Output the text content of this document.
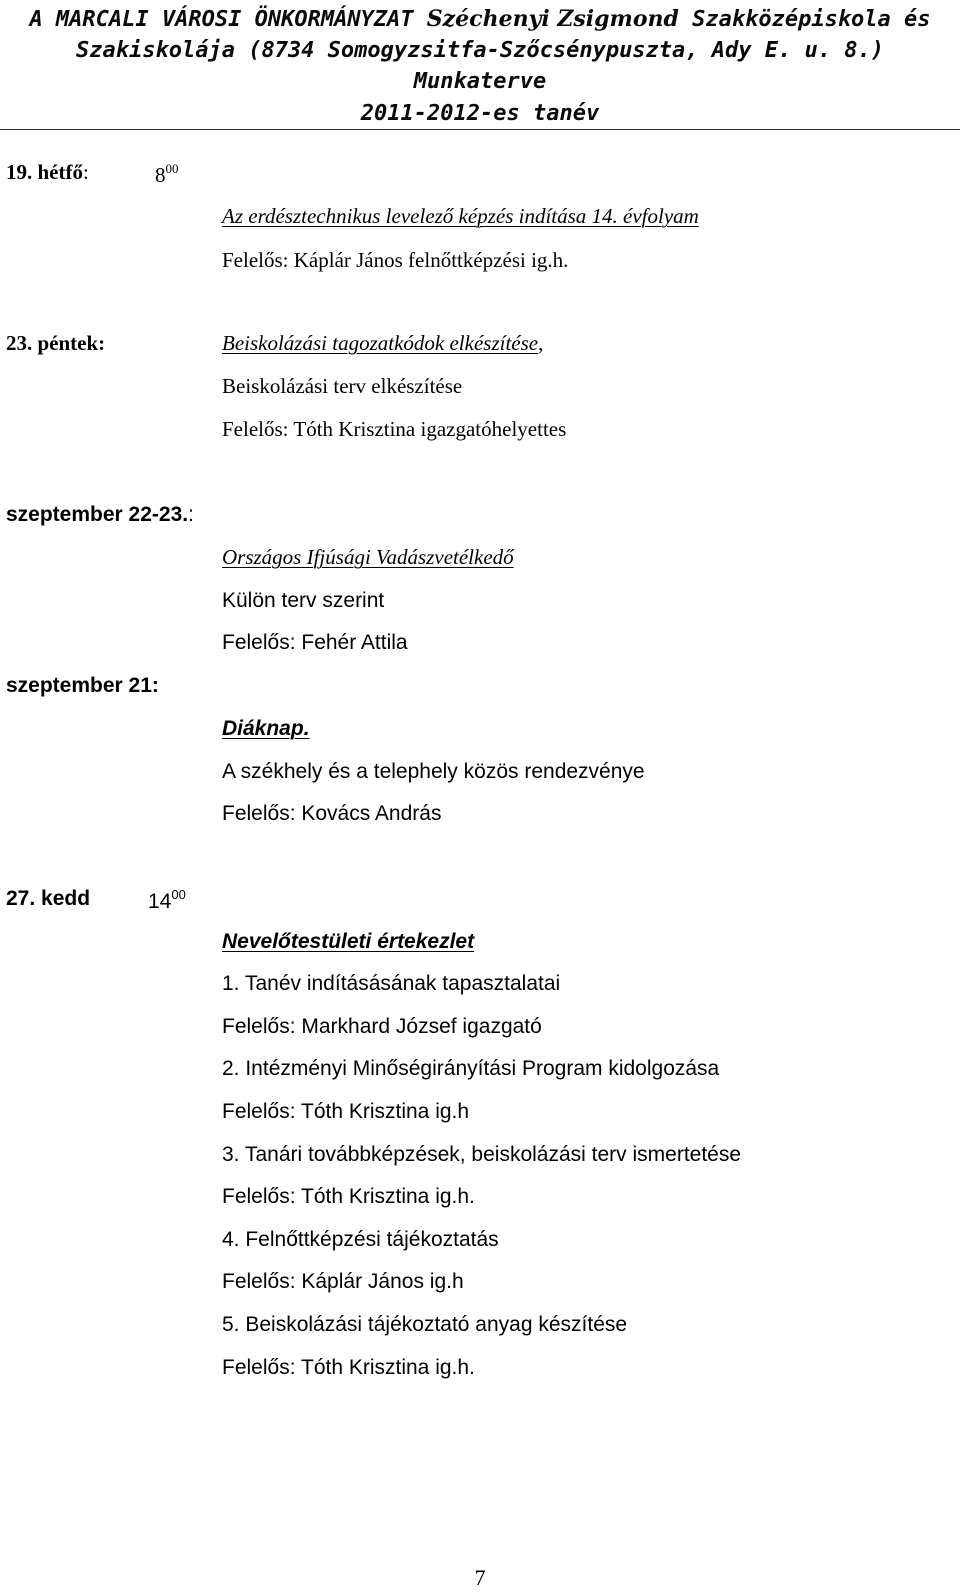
A MARCALI VÁROSI ÖNKORMÁNYZAT Széchenyi Zsigmond Szakközépiskola és
Szakiskolája (8734 Somogyzsitfa-Szőcsénypuszta, Ady E. u. 8.)
Munkaterve
2011-2012-es tanév
19. hétfő:	$8^{00}$
Az erdésztechnikus levelező képzés indítása 14. évfolyam
Felelős: Káplár János felnőttképzési ig.h.
23. péntek:	Beiskolázási tagozatkódok elkészítése,
Beiskolázási terv elkészítése
Felelős: Tóth Krisztina igazgatóhelyettes
szeptember 22-23.:
Országos Ifjúsági Vadászvetélkedő
Külön terv szerint
Felelős: Fehér Attila
szeptember 21:
Diáknap.
A székhely és a telephely közös rendezvénye
Felelős: Kovács András
27. kedd	$14^{00}$
Nevelőtestületi értekezlet
1. Tanév indításásának tapasztalatai
Felelős: Markhard József igazgató
2. Intézményi Minőségirányítási Program kidolgozása
Felelős: Tóth Krisztina ig.h
3. Tanári továbbképzések, beiskolázási terv ismertetése
Felelős: Tóth Krisztina ig.h.
4. Felnőttképzési tájékoztatás
Felelős: Káplár János ig.h
5. Beiskolázási tájékoztató anyag készítése
Felelős: Tóth Krisztina ig.h.
7
